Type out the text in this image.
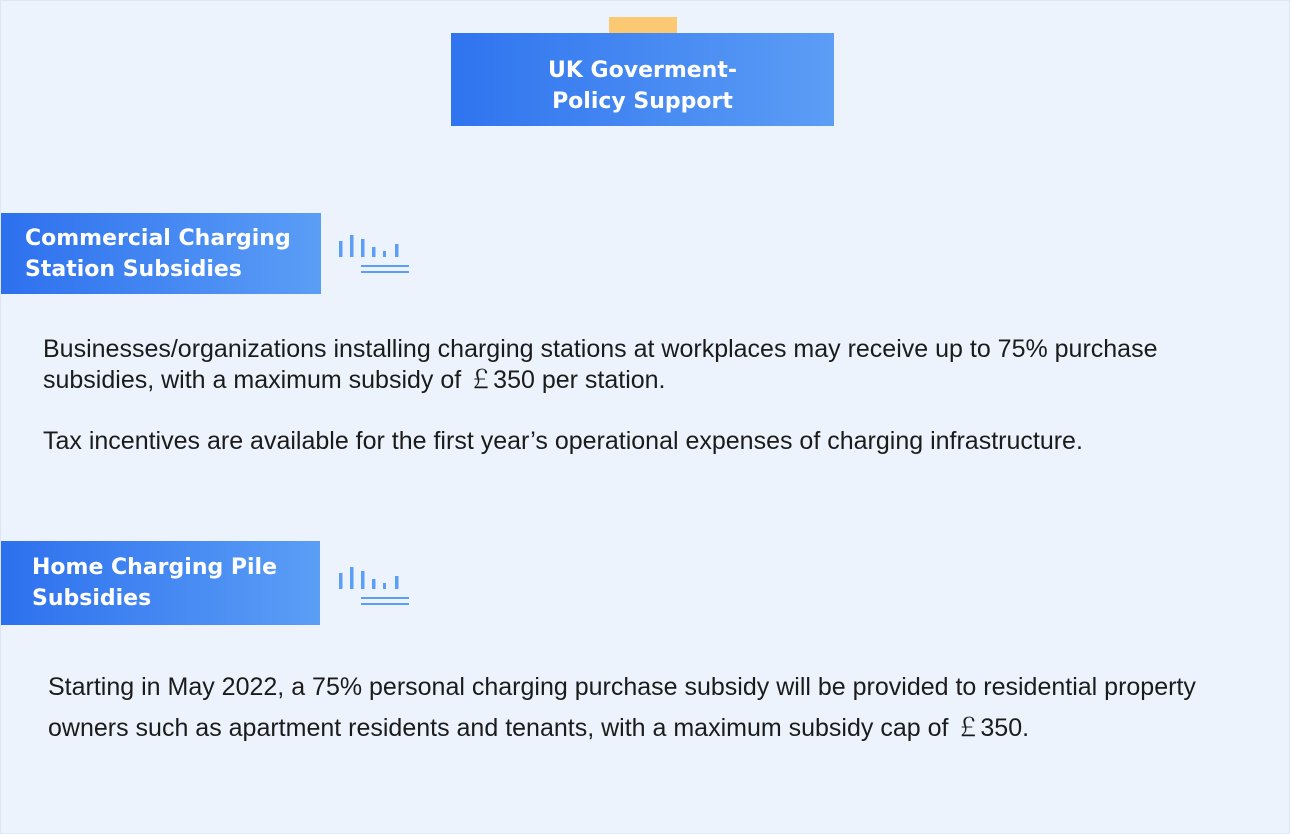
UK Goverment-
Policy Support
Commercial Charging
Station Subsidies

Businesses/organizations installing charging stations at workplaces may receive up to 75% purchase subsidies, with a maximum subsidy of ￡350 per station.

Tax incentives are available for the first year’s operational expenses of charging infrastructure.

Home Charging Pile
Subsidies

Starting in May 2022, a 75% personal charging purchase subsidy will be provided to residential property owners such as apartment residents and tenants, with a maximum subsidy cap of ￡350.
